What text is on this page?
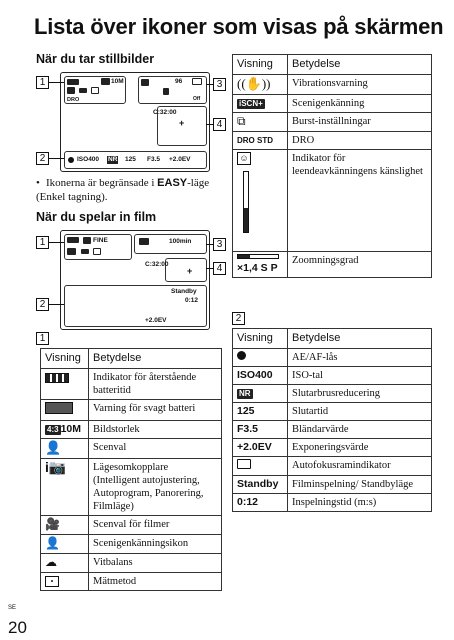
Lista över ikoner som visas på skärmen
När du tar stillbilder
10M
DRO
96
C:32:00
Off
+
ISO400 NR 125 F3.5 +2.0EV
1
2
3
4
• Ikonerna är begränsade i EASY-läge (Enkel tagning).
När du spelar in film
FINE	100min
C:32:00
+
Standby
0:12
+2.0EV
1
2
3
4
1
Visning	Betydelse
	Indikator för återstående batteritid
	Varning för svagt batteri
4:3 10M	Bildstorlek
👤	Scenval
i📷	Lägesomkopplare (Intelligent autojustering, Autoprogram, Panorering, Filmläge)
🎥	Scenval för filmer
👤	Scenigenkänningsikon
☁	Vitbalans
•	Mätmetod
Visning	Betydelse
((✋))	Vibrationsvarning
iSCN+	Scenigenkänning
⧉	Burst-inställningar
DRO STD	DRO
☺	Indikator för leendeavkänningens känslighet

×1,4 S P	Zoomningsgrad
2
Visning	Betydelse
	AE/AF-lås
ISO400	ISO-tal
NR	Slutarbrusreducering
125	Slutartid
F3.5	Bländarvärde
+2.0EV	Exponeringsvärde
	Autofokusramindikator
Standby	Filminspelning/ Standbyläge
0:12	Inspelningstid (m:s)
SE
20
